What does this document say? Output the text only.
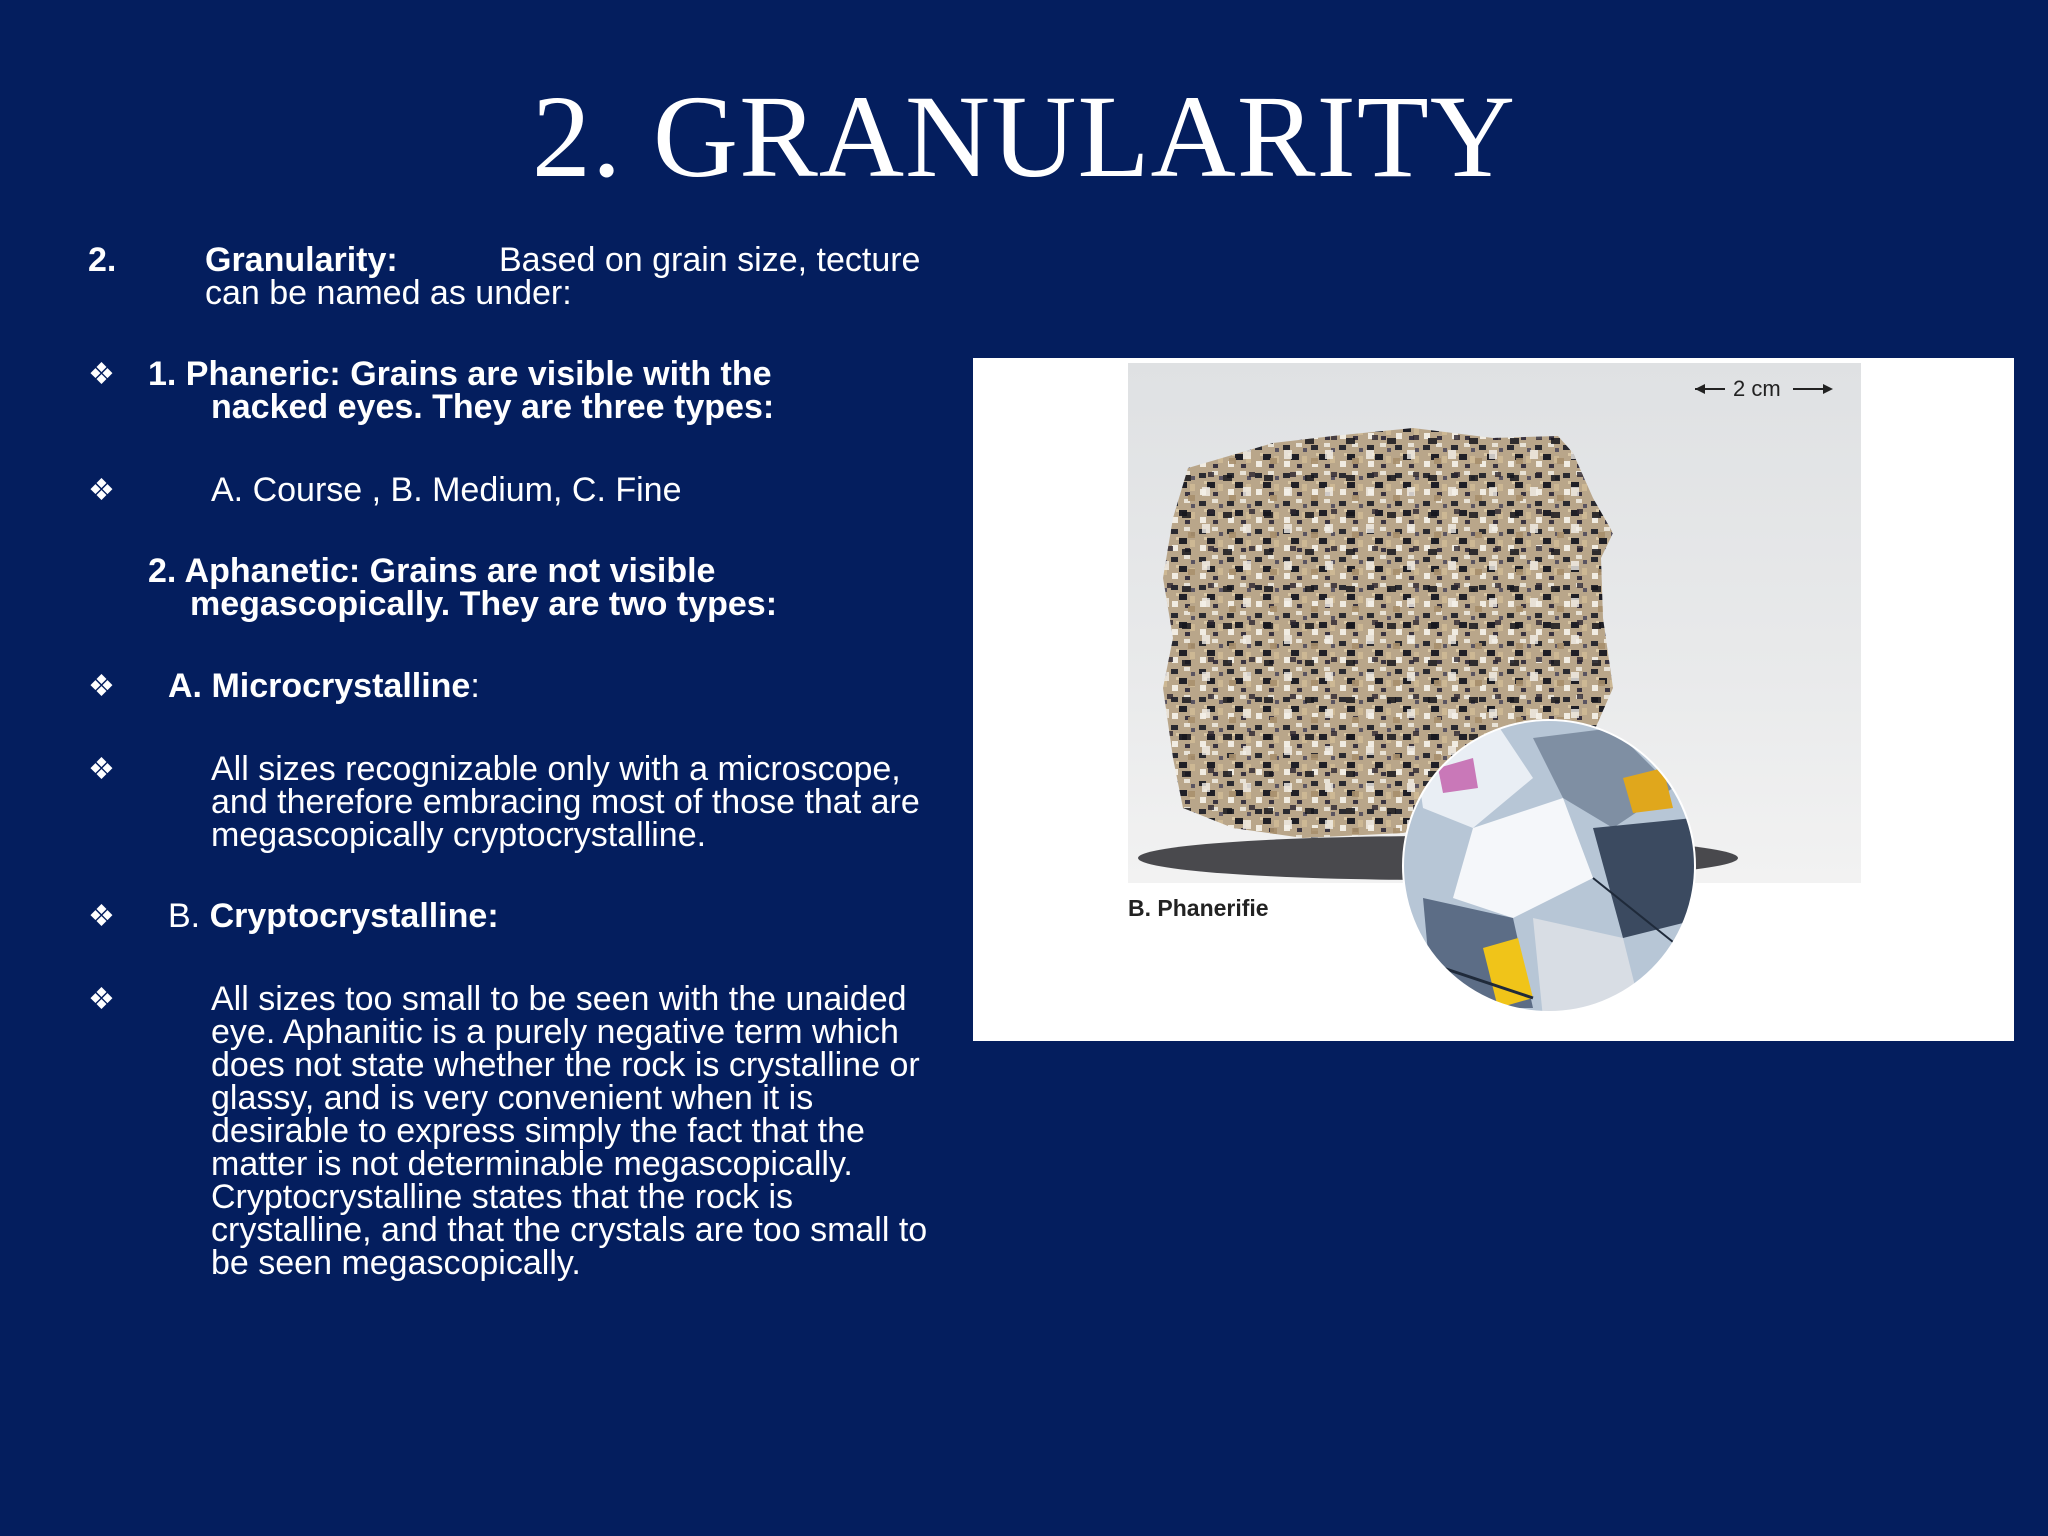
2. GRANULARITY
2.	Granularity:	Based on grain size, tecture
can be named as under:
❖ 1. Phaneric: Grains are visible with the
nacked eyes. They are three types:
❖	A. Course , B. Medium, C. Fine
2. Aphanetic: Grains are not visible
megascopically. They are two types:
❖ A. Microcrystalline:
❖	All sizes recognizable only with a microscope,
and therefore embracing most of those that are
megascopically cryptocrystalline.
❖ B. Cryptocrystalline:
❖	All sizes too small to be seen with the unaided
eye. Aphanitic is a purely negative term which
does not state whether the rock is crystalline or
glassy, and is very convenient when it is
desirable to express simply the fact that the
matter is not determinable megascopically.
Cryptocrystalline states that the rock is
crystalline, and that the crystals are too small to
be seen megascopically.
2 cm
B. Phanerifie
